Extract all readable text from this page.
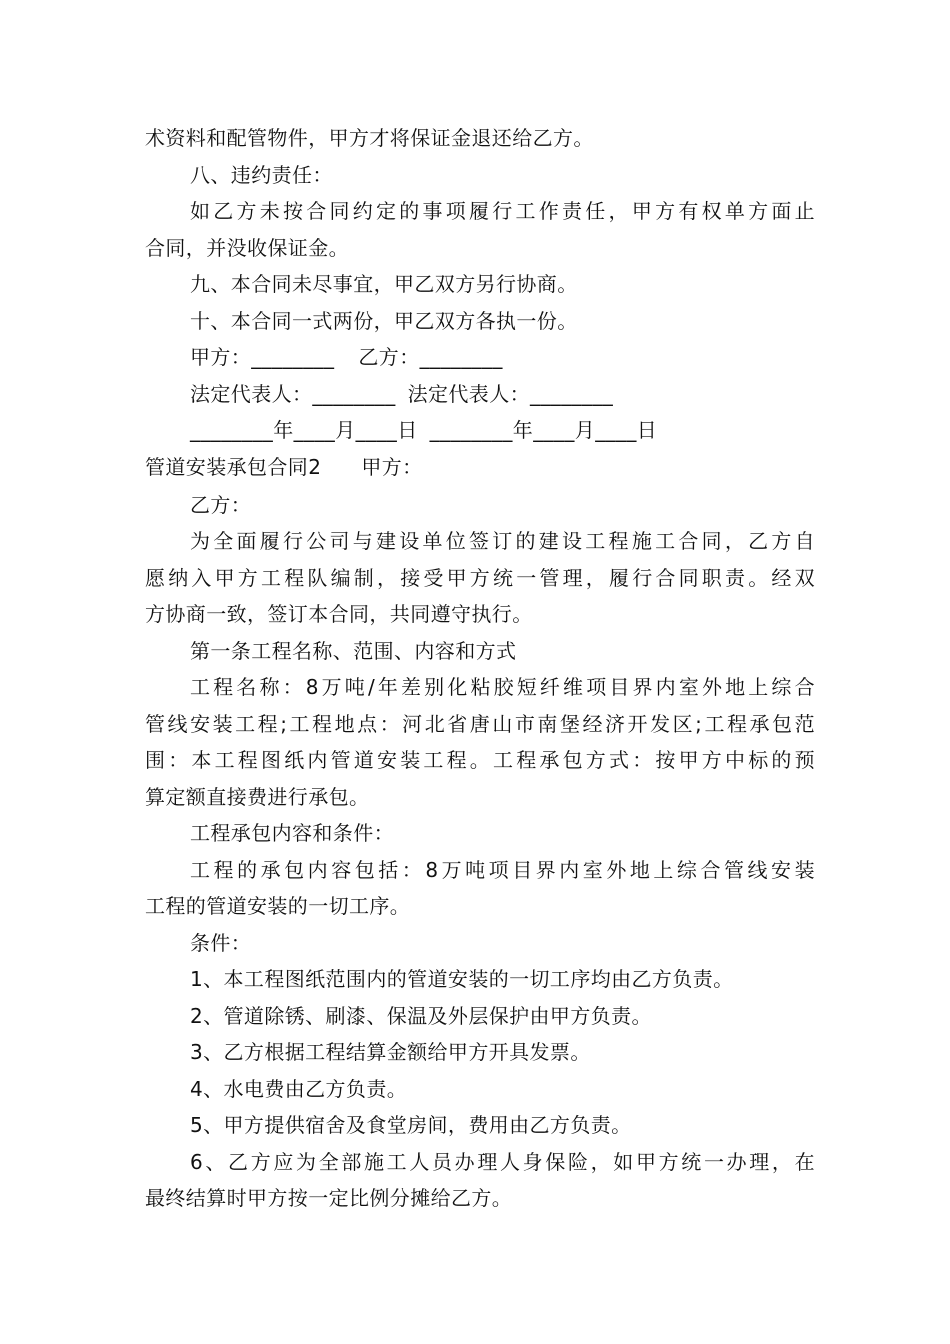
术资料和配管物件，甲方才将保证金退还给乙方。
八、违约责任：
如乙方未按合同约定的事项履行工作责任，甲方有权单方面止
合同，并没收保证金。
九、本合同未尽事宜，甲乙双方另行协商。
十、本合同一式两份，甲乙双方各执一份。
甲方：________ 乙方：________
法定代表人：________ 法定代表人：________
________年____月____日 ________年____月____日
管道安装承包合同2 甲方：
乙方：
为全面履行公司与建设单位签订的建设工程施工合同，乙方自
愿纳入甲方工程队编制，接受甲方统一管理，履行合同职责。经双
方协商一致，签订本合同，共同遵守执行。
第一条工程名称、范围、内容和方式
工程名称：8万吨/年差别化粘胶短纤维项目界内室外地上综合
管线安装工程;工程地点：河北省唐山市南堡经济开发区;工程承包范
围：本工程图纸内管道安装工程。工程承包方式：按甲方中标的预
算定额直接费进行承包。
工程承包内容和条件：
工程的承包内容包括：8万吨项目界内室外地上综合管线安装
工程的管道安装的一切工序。
条件：
1、本工程图纸范围内的管道安装的一切工序均由乙方负责。
2、管道除锈、刷漆、保温及外层保护由甲方负责。
3、乙方根据工程结算金额给甲方开具发票。
4、水电费由乙方负责。
5、甲方提供宿舍及食堂房间，费用由乙方负责。
6、乙方应为全部施工人员办理人身保险，如甲方统一办理，在
最终结算时甲方按一定比例分摊给乙方。
